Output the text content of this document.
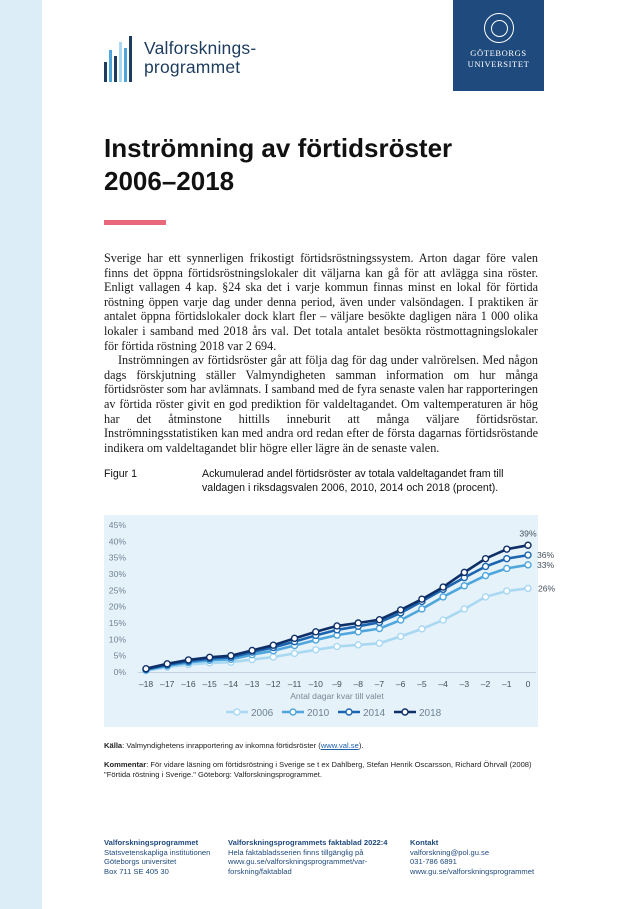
Valforsknings-
programmet
GÖTEBORGS
UNIVERSITET
Inströmning av förtidsröster
2006–2018

Sverige har ett synnerligen frikostigt förtidsröstningssystem. Arton dagar före valen finns det öppna förtidsröstningslokaler dit väljarna kan gå för att avlägga sina röster. Enligt vallagen 4 kap. §24 ska det i varje kommun finnas minst en lokal för förtida röstning öppen varje dag under denna period, även under valsöndagen. I praktiken är antalet öppna förtidslokaler dock klart fler – väljare besökte dagligen nära 1 000 olika lokaler i samband med 2018 års val. Det totala antalet besökta röstmottagningslokaler för förtida röstning 2018 var 2 694.

Inströmningen av förtidsröster går att följa dag för dag under valrörelsen. Med någon dags förskjutning ställer Valmyndigheten samman information om hur många förtidsröster som har avlämnats. I samband med de fyra senaste valen har rapporteringen av förtida röster givit en god prediktion för valdeltagandet. Om valtemperaturen är hög har det åtminstone hittills inneburit att många väljare förtidsröstar. Inströmningsstatistiken kan med andra ord redan efter de första dagarnas förtidsröstande indikera om valdeltagandet blir högre eller lägre än de senaste valen.

Figur 1	Ackumulerad andel förtidsröster av totala valdeltagandet fram till valdagen i riksdagsvalen 2006, 2010, 2014 och 2018 (procent).
0%
5%
10%
15%
20%
25%
30%
35%
40%
45%
–18 –17 –16 –15 –14 –13 –12 –11 –10 –9 –8 –7 –6 –5 –4 –3 –2 –1 0
Antal dagar kvar till valet
26%
33%
36%
39%
2006	2010	2014	2018
Källa: Valmyndighetens inrapportering av inkomna förtidsröster (www.val.se).
Kommentar: För vidare läsning om förtidsröstning i Sverige se t ex Dahlberg, Stefan Henrik Oscarsson, Richard Öhrvall (2008) "Förtida röstning i Sverige." Göteborg: Valforskningsprogrammet.
Valforskningsprogrammet
Statsvetenskapliga institutionen
Göteborgs universitet
Box 711 SE 405 30
Valforskningsprogrammets faktablad 2022:4
Hela faktabladsserien finns tillgänglig på
www.gu.se/valforskningsprogrammet/var-
forskning/faktablad
Kontakt
valforskning@pol.gu.se
031-786 6891
www.gu.se/valforskningsprogrammet
